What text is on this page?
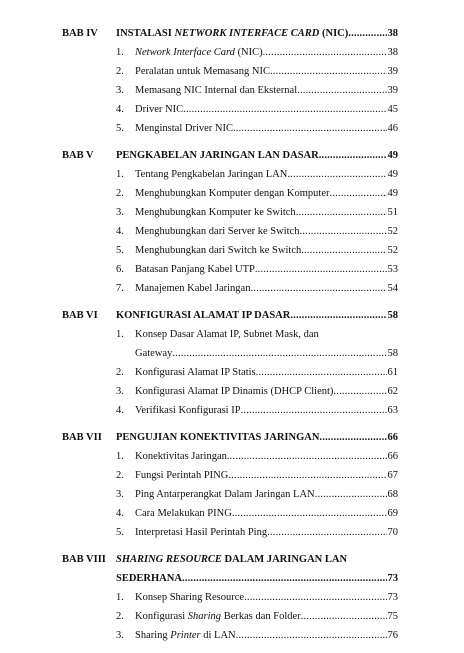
BAB IV INSTALASI NETWORK INTERFACE CARD (NIC) .....	38
1. Network Interface Card (NIC) .....	38
2. Peralatan untuk Memasang NIC .....	39
3. Memasang NIC Internal dan Eksternal .....	39
4. Driver NIC .....	45
5. Menginstal Driver NIC .....	46
BAB V PENGKABELAN JARINGAN LAN DASAR .....	49
1. Tentang Pengkabelan Jaringan LAN .....	49
2. Menghubungkan Komputer dengan Komputer .....	49
3. Menghubungkan Komputer ke Switch .....	51
4. Menghubungkan dari Server ke Switch .....	52
5. Menghubungkan dari Switch ke Switch .....	52
6. Batasan Panjang Kabel UTP .....	53
7. Manajemen Kabel Jaringan .....	54
BAB VI KONFIGURASI ALAMAT IP DASAR .....	58
1. Konsep Dasar Alamat IP, Subnet Mask, dan
Gateway .....	58
2. Konfigurasi Alamat IP Statis .....	61
3. Konfigurasi Alamat IP Dinamis (DHCP Client) .....	62
4. Verifikasi Konfigurasi IP .....	63
BAB VII PENGUJIAN KONEKTIVITAS JARINGAN .....	66
1. Konektivitas Jaringan .....	66
2. Fungsi Perintah PING .....	67
3. Ping Antarperangkat Dalam Jaringan LAN .....	68
4. Cara Melakukan PING .....	69
5. Interpretasi Hasil Perintah Ping .....	70
BAB VIII SHARING RESOURCE DALAM JARINGAN LAN
SEDERHANA .....	73
1. Konsep Sharing Resource .....	73
2. Konfigurasi Sharing Berkas dan Folder .....	75
3. Sharing Printer di LAN .....	76
